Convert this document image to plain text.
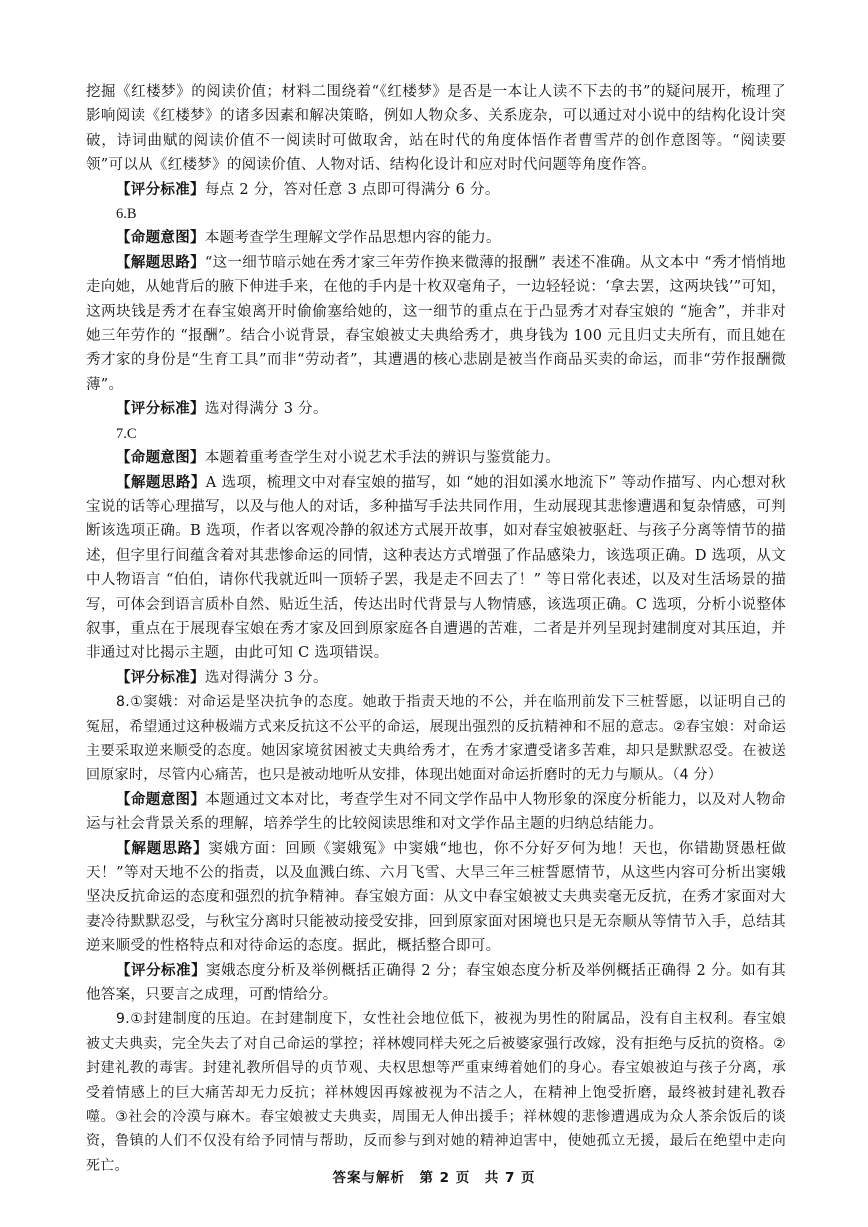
挖掘《红楼梦》的阅读价值；材料二围绕着“《红楼梦》是否是一本让人读不下去的书”的疑问展开，梳理了影响阅读《红楼梦》的诸多因素和解决策略，例如人物众多、关系庞杂，可以通过对小说中的结构化设计突破，诗词曲赋的阅读价值不一阅读时可做取舍，站在时代的角度体悟作者曹雪芹的创作意图等。“阅读要领”可以从《红楼梦》的阅读价值、人物对话、结构化设计和应对时代问题等角度作答。

【评分标准】每点 2 分，答对任意 3 点即可得满分 6 分。

6.B

【命题意图】本题考查学生理解文学作品思想内容的能力。

【解题思路】“这一细节暗示她在秀才家三年劳作换来微薄的报酬” 表述不准确。从文本中 “秀才悄悄地走向她，从她背后的腋下伸进手来，在他的手内是十枚双毫角子，一边轻轻说：‘拿去罢，这两块钱’”可知，这两块钱是秀才在春宝娘离开时偷偷塞给她的，这一细节的重点在于凸显秀才对春宝娘的 “施舍”，并非对她三年劳作的 “报酬”。结合小说背景，春宝娘被丈夫典给秀才，典身钱为 100 元且归丈夫所有，而且她在秀才家的身份是“生育工具”而非“劳动者”，其遭遇的核心悲剧是被当作商品买卖的命运，而非“劳作报酬微薄”。

【评分标准】选对得满分 3 分。

7.C

【命题意图】本题着重考查学生对小说艺术手法的辨识与鉴赏能力。

【解题思路】A 选项，梳理文中对春宝娘的描写，如 “她的泪如溪水地流下” 等动作描写、内心想对秋宝说的话等心理描写，以及与他人的对话，多种描写手法共同作用，生动展现其悲惨遭遇和复杂情感，可判断该选项正确。B 选项，作者以客观冷静的叙述方式展开故事，如对春宝娘被驱赶、与孩子分离等情节的描述，但字里行间蕴含着对其悲惨命运的同情，这种表达方式增强了作品感染力，该选项正确。D 选项，从文中人物语言 “伯伯，请你代我就近叫一顶轿子罢，我是走不回去了！” 等日常化表述，以及对生活场景的描写，可体会到语言质朴自然、贴近生活，传达出时代背景与人物情感，该选项正确。C 选项，分析小说整体叙事，重点在于展现春宝娘在秀才家及回到原家庭各自遭遇的苦难，二者是并列呈现封建制度对其压迫，并非通过对比揭示主题，由此可知 C 选项错误。

【评分标准】选对得满分 3 分。

8.①窦娥：对命运是坚决抗争的态度。她敢于指责天地的不公，并在临刑前发下三桩誓愿，以证明自己的冤屈，希望通过这种极端方式来反抗这不公平的命运，展现出强烈的反抗精神和不屈的意志。②春宝娘：对命运主要采取逆来顺受的态度。她因家境贫困被丈夫典给秀才，在秀才家遭受诸多苦难，却只是默默忍受。在被送回原家时，尽管内心痛苦，也只是被动地听从安排，体现出她面对命运折磨时的无力与顺从。（4 分）

【命题意图】本题通过文本对比，考查学生对不同文学作品中人物形象的深度分析能力，以及对人物命运与社会背景关系的理解，培养学生的比较阅读思维和对文学作品主题的归纳总结能力。

【解题思路】窦娥方面：回顾《窦娥冤》中窦娥“地也，你不分好歹何为地！天也，你错勘贤愚枉做天！”等对天地不公的指责，以及血溅白练、六月飞雪、大旱三年三桩誓愿情节，从这些内容可分析出窦娥坚决反抗命运的态度和强烈的抗争精神。春宝娘方面：从文中春宝娘被丈夫典卖毫无反抗，在秀才家面对大妻冷待默默忍受，与秋宝分离时只能被动接受安排，回到原家面对困境也只是无奈顺从等情节入手，总结其逆来顺受的性格特点和对待命运的态度。据此，概括整合即可。

【评分标准】窦娥态度分析及举例概括正确得 2 分；春宝娘态度分析及举例概括正确得 2 分。如有其他答案，只要言之成理，可酌情给分。

9.①封建制度的压迫。在封建制度下，女性社会地位低下，被视为男性的附属品，没有自主权利。春宝娘被丈夫典卖，完全失去了对自己命运的掌控；祥林嫂同样夫死之后被婆家强行改嫁，没有拒绝与反抗的资格。②封建礼教的毒害。封建礼教所倡导的贞节观、夫权思想等严重束缚着她们的身心。春宝娘被迫与孩子分离，承受着情感上的巨大痛苦却无力反抗；祥林嫂因再嫁被视为不洁之人，在精神上饱受折磨，最终被封建礼教吞噬。③社会的冷漠与麻木。春宝娘被丈夫典卖，周围无人伸出援手；祥林嫂的悲惨遭遇成为众人茶余饭后的谈资，鲁镇的人们不仅没有给予同情与帮助，反而参与到对她的精神迫害中，使她孤立无援，最后在绝望中走向死亡。

答案与解析　第 2 页　共 7 页
